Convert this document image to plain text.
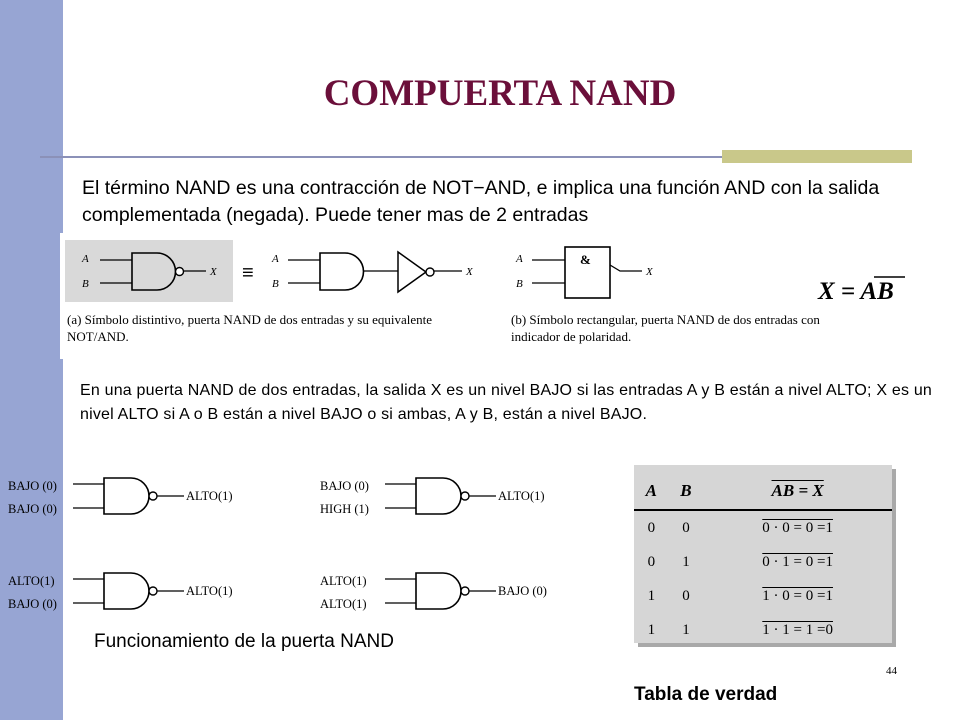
COMPUERTA NAND
El término NAND es una contracción de NOT−AND, e implica una función AND con la salida complementada (negada). Puede tener mas de 2 entradas
A
B
X ≡
A
B
X
A
B
&
X
X = AB
(a) Símbolo distintivo, puerta NAND de dos entradas y su equivalente NOT/AND.
(b) Símbolo rectangular, puerta NAND de dos entradas con indicador de polaridad.
En una puerta NAND de dos entradas, la salida X es un nivel BAJO si las entradas A y B están a nivel ALTO; X es un nivel ALTO si A o B están a nivel BAJO o si ambas, A y B, están a nivel BAJO.
BAJO (0)
BAJO (0)
ALTO(1)
BAJO (0)
HIGH (1)
ALTO(1)
ALTO(1)
BAJO (0)
ALTO(1)
ALTO(1)
ALTO(1)
BAJO (0)
Funcionamiento de la puerta NAND
A	B	AB = X
0	0	0 · 0 = 0 =1
0	1	0 · 1 = 0 =1
1	0	1 · 0 = 0 =1
1	1	1 · 1 = 1 =0
44
Tabla de verdad
